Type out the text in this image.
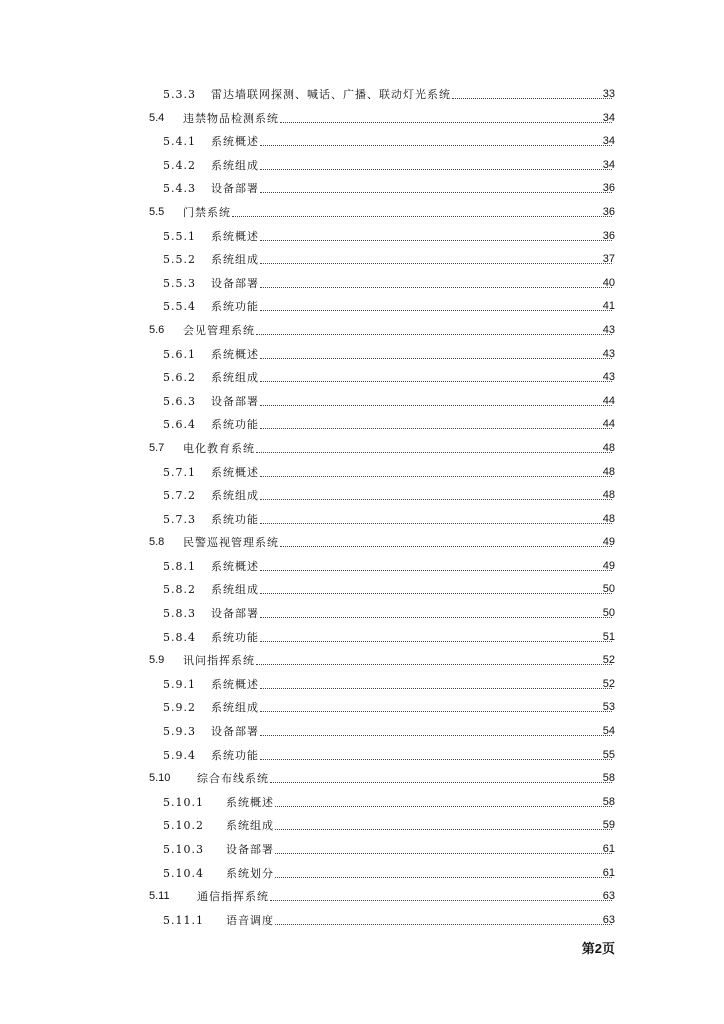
5.3.3 雷达墙联网探测、喊话、广播、联动灯光系统	33
5.4 违禁物品检测系统	34
5.4.1 系统概述	34
5.4.2 系统组成	34
5.4.3 设备部署	36
5.5 门禁系统	36
5.5.1 系统概述	36
5.5.2 系统组成	37
5.5.3 设备部署	40
5.5.4 系统功能	41
5.6 会见管理系统	43
5.6.1 系统概述	43
5.6.2 系统组成	43
5.6.3 设备部署	44
5.6.4 系统功能	44
5.7 电化教育系统	48
5.7.1 系统概述	48
5.7.2 系统组成	48
5.7.3 系统功能	48
5.8 民警巡视管理系统	49
5.8.1 系统概述	49
5.8.2 系统组成	50
5.8.3 设备部署	50
5.8.4 系统功能	51
5.9 讯问指挥系统	52
5.9.1 系统概述	52
5.9.2 系统组成	53
5.9.3 设备部署	54
5.9.4 系统功能	55
5.10 综合布线系统	58
5.10.1 系统概述	58
5.10.2 系统组成	59
5.10.3 设备部署	61
5.10.4 系统划分	61
5.11 通信指挥系统	63
5.11.1 语音调度	63
第2页
